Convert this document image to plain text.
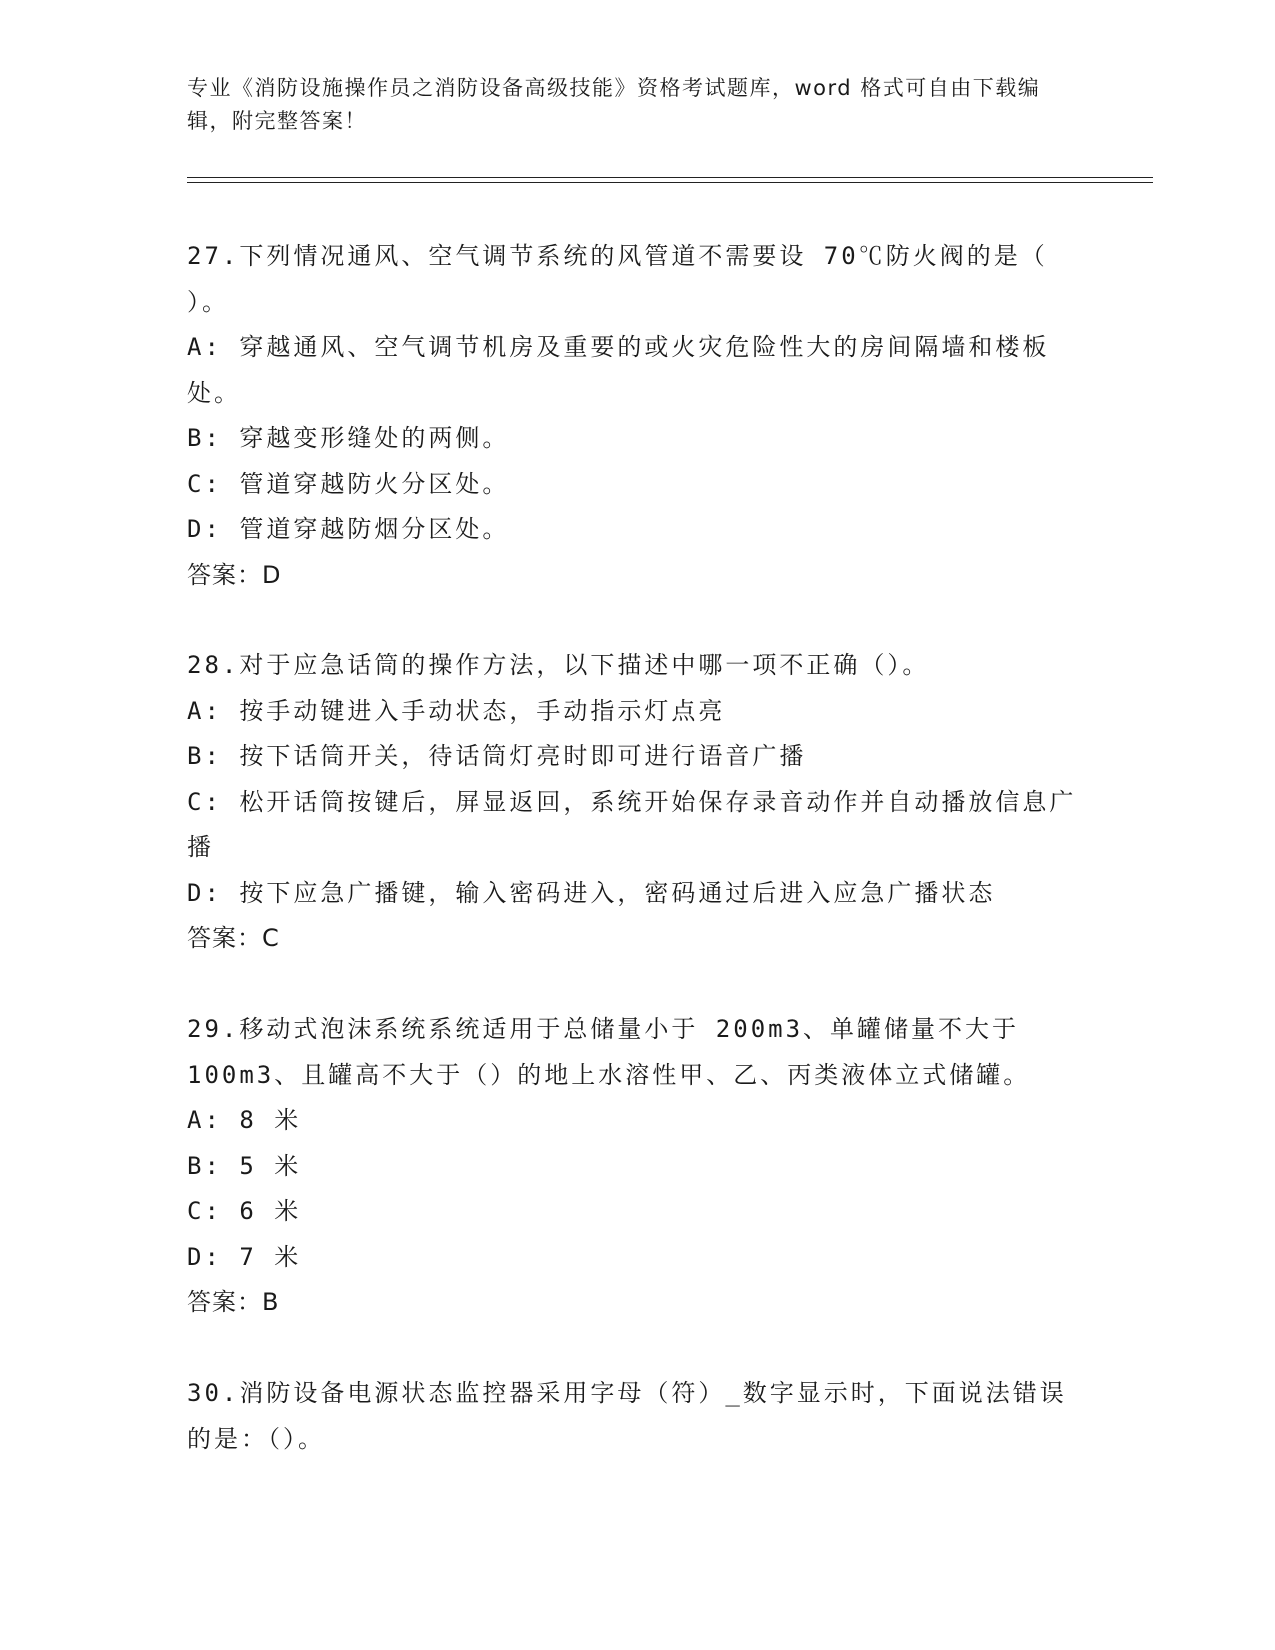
专业《消防设施操作员之消防设备高级技能》资格考试题库，word 格式可自由下载编辑，附完整答案！

27.下列情况通风、空气调节系统的风管道不需要设 70℃防火阀的是（ ）。

A: 穿越通风、空气调节机房及重要的或火灾危险性大的房间隔墙和楼板处。

B: 穿越变形缝处的两侧。

C: 管道穿越防火分区处。

D: 管道穿越防烟分区处。

答案：D

28.对于应急话筒的操作方法，以下描述中哪一项不正确（）。

A: 按手动键进入手动状态，手动指示灯点亮

B: 按下话筒开关，待话筒灯亮时即可进行语音广播

C: 松开话筒按键后，屏显返回，系统开始保存录音动作并自动播放信息广播

D: 按下应急广播键，输入密码进入，密码通过后进入应急广播状态

答案：C

29.移动式泡沫系统系统适用于总储量小于 200m3、单罐储量不大于 100m3、且罐高不大于（）的地上水溶性甲、乙、丙类液体立式储罐。

A: 8 米

B: 5 米

C: 6 米

D: 7 米

答案：B

30.消防设备电源状态监控器采用字母（符）_数字显示时，下面说法错误的是：（）。
